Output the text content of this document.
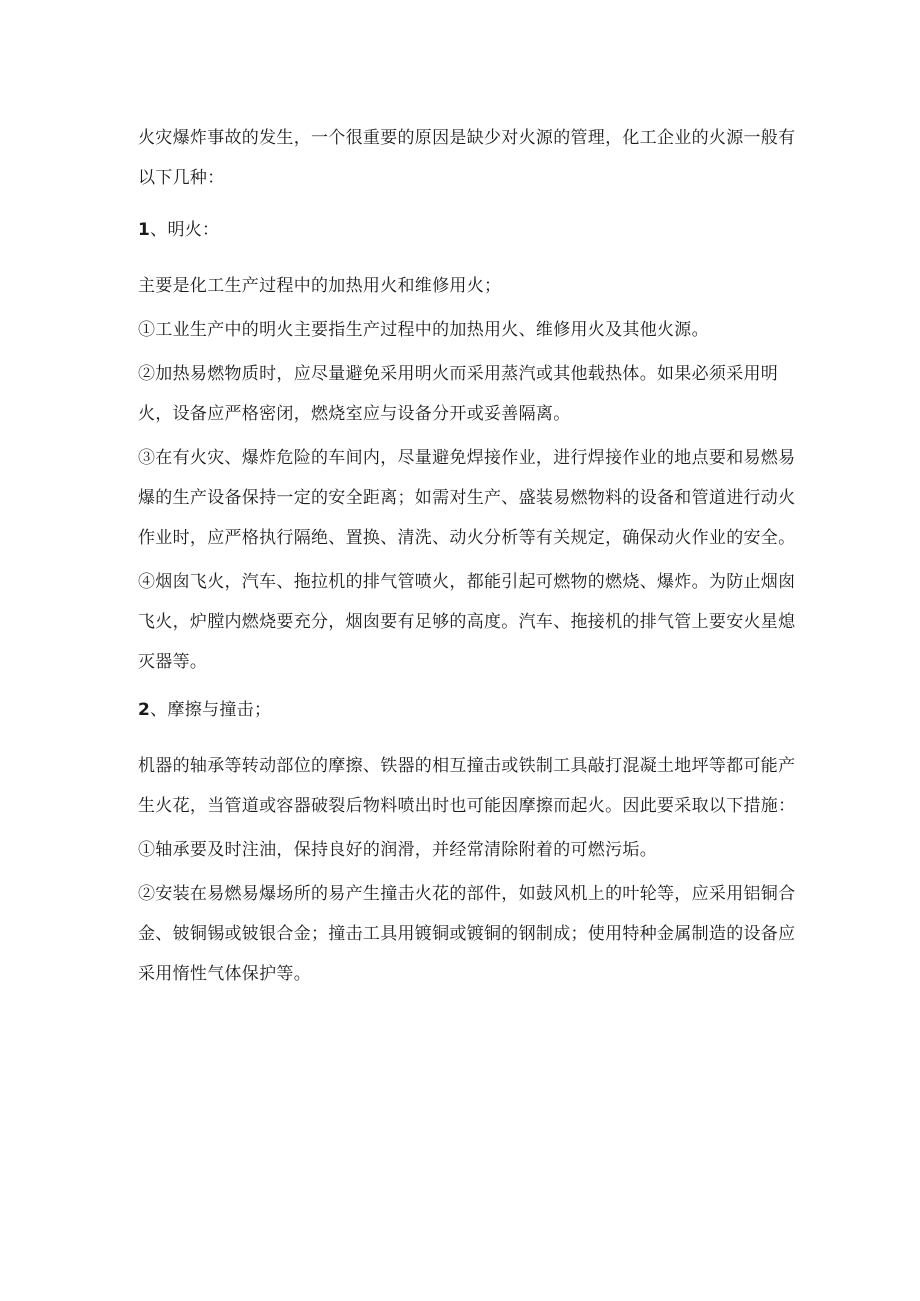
火灾爆炸事故的发生，一个很重要的原因是缺少对火源的管理，化工企业的火源一般有以下几种：

1、明火：

主要是化工生产过程中的加热用火和维修用火；

①工业生产中的明火主要指生产过程中的加热用火、维修用火及其他火源。

②加热易燃物质时，应尽量避免采用明火而采用蒸汽或其他载热体。如果必须采用明火，设备应严格密闭，燃烧室应与设备分开或妥善隔离。

③在有火灾、爆炸危险的车间内，尽量避免焊接作业，进行焊接作业的地点要和易燃易爆的生产设备保持一定的安全距离；如需对生产、盛装易燃物料的设备和管道进行动火作业时，应严格执行隔绝、置换、清洗、动火分析等有关规定，确保动火作业的安全。

④烟囱飞火，汽车、拖拉机的排气管喷火，都能引起可燃物的燃烧、爆炸。为防止烟囱飞火，炉膛内燃烧要充分，烟囱要有足够的高度。汽车、拖接机的排气管上要安火星熄灭器等。

2、摩擦与撞击；

机器的轴承等转动部位的摩擦、铁器的相互撞击或铁制工具敲打混凝土地坪等都可能产生火花，当管道或容器破裂后物料喷出时也可能因摩擦而起火。因此要采取以下措施：

①轴承要及时注油，保持良好的润滑，并经常清除附着的可燃污垢。

②安装在易燃易爆场所的易产生撞击火花的部件，如鼓风机上的叶轮等，应采用铝铜合金、铍铜锡或铍银合金；撞击工具用镀铜或镀铜的钢制成；使用特种金属制造的设备应采用惰性气体保护等。
